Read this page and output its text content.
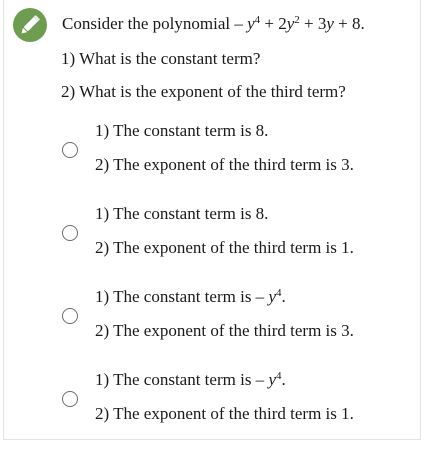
Consider the polynomial – $y^4 + 2y^2 + 3y + 8$.
1) What is the constant term?
2) What is the exponent of the third term?
1) The constant term is 8.
2) The exponent of the third term is 3.
1) The constant term is 8.
2) The exponent of the third term is 1.
1) The constant term is – $y^4$.
2) The exponent of the third term is 3.
1) The constant term is – $y^4$.
2) The exponent of the third term is 1.
